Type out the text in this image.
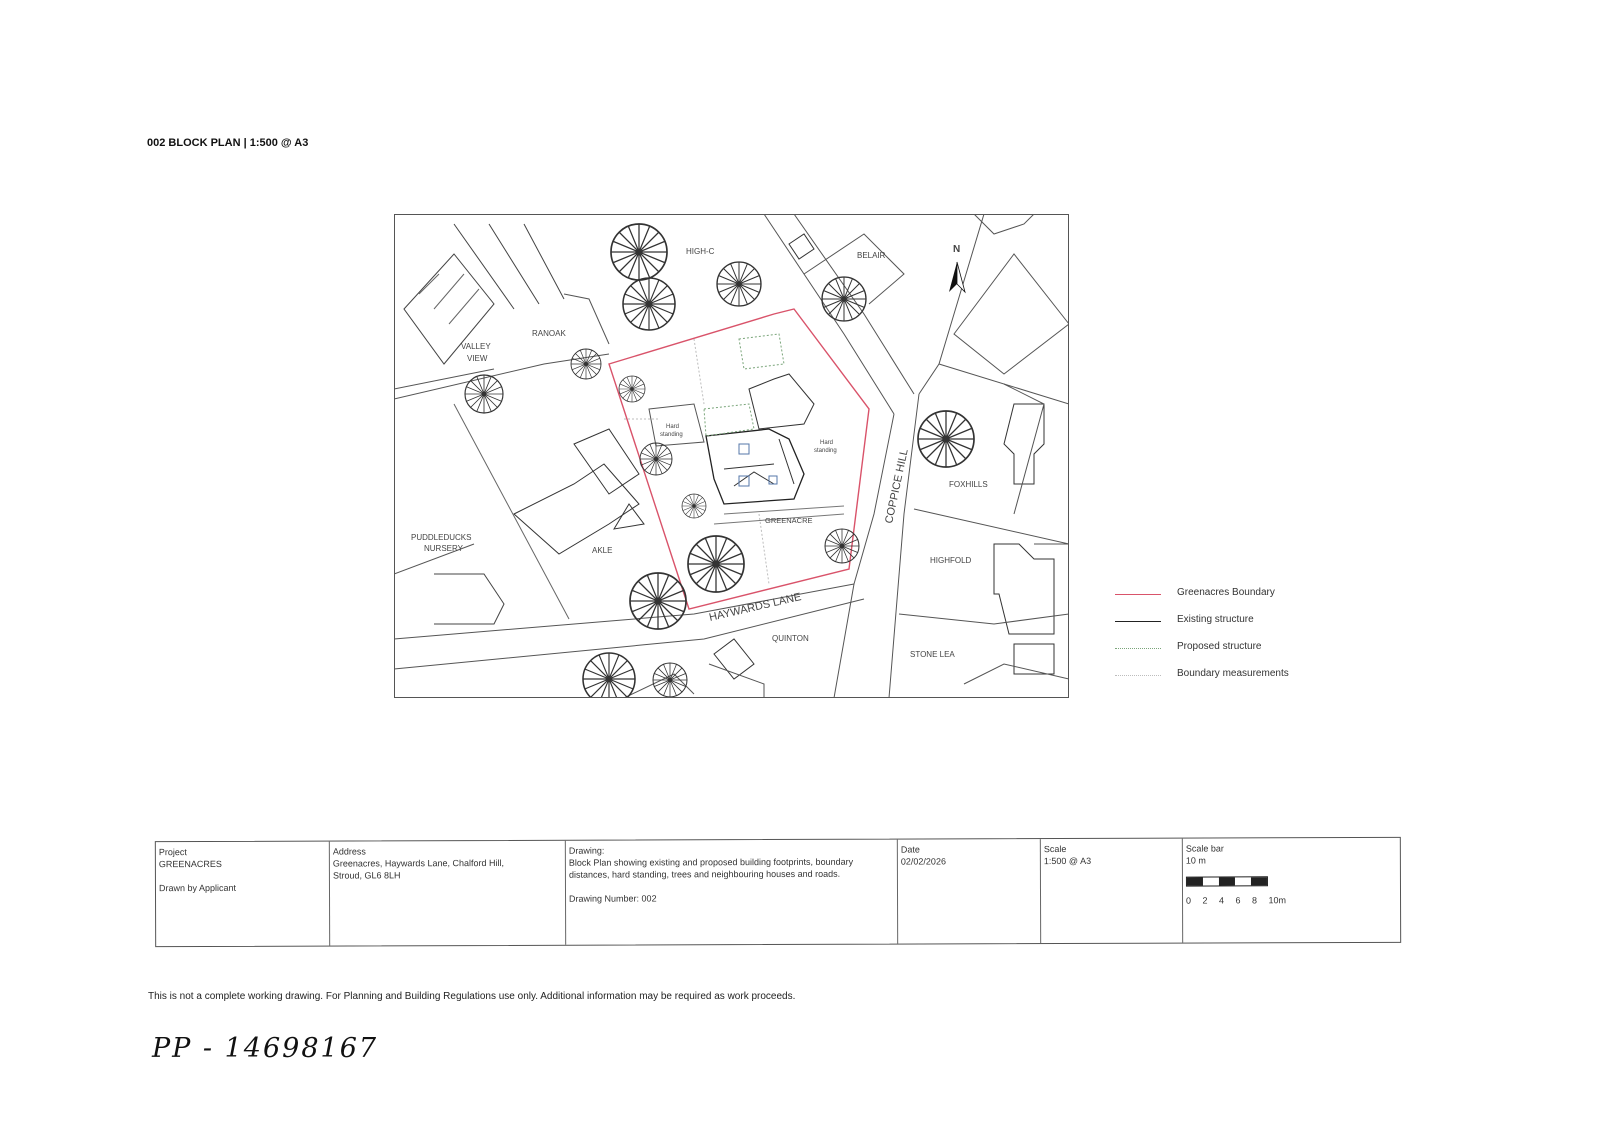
002 BLOCK PLAN | 1:500 @ A3
N
HIGH-C	BELAIR
VALLEY
VIEW
RANOAK
Hard
standing
Hard
standing	COPPICE HILL	FOXHILLS
GREENACRE
PUDDLEDUCKS
NURSERY	AKLE
HIGHFOLD
HAYWARDS LANE
QUINTON
STONE LEA
Greenacres Boundary
Existing structure
Proposed structure
Boundary measurements
Project
GREENACRES
Drawn by Applicant
Address
Greenacres, Haywards Lane, Chalford Hill,
Stroud, GL6 8LH
Drawing:
Block Plan showing existing and proposed building footprints, boundary
distances, hard standing, trees and neighbouring houses and roads.
Drawing Number: 002
Date
02/02/2026
Scale
1:500 @ A3
Scale bar
10 m
0 2 4 6 8 10m
This is not a complete working drawing. For Planning and Building Regulations use only. Additional information may be required as work proceeds.
PP - 14698167
